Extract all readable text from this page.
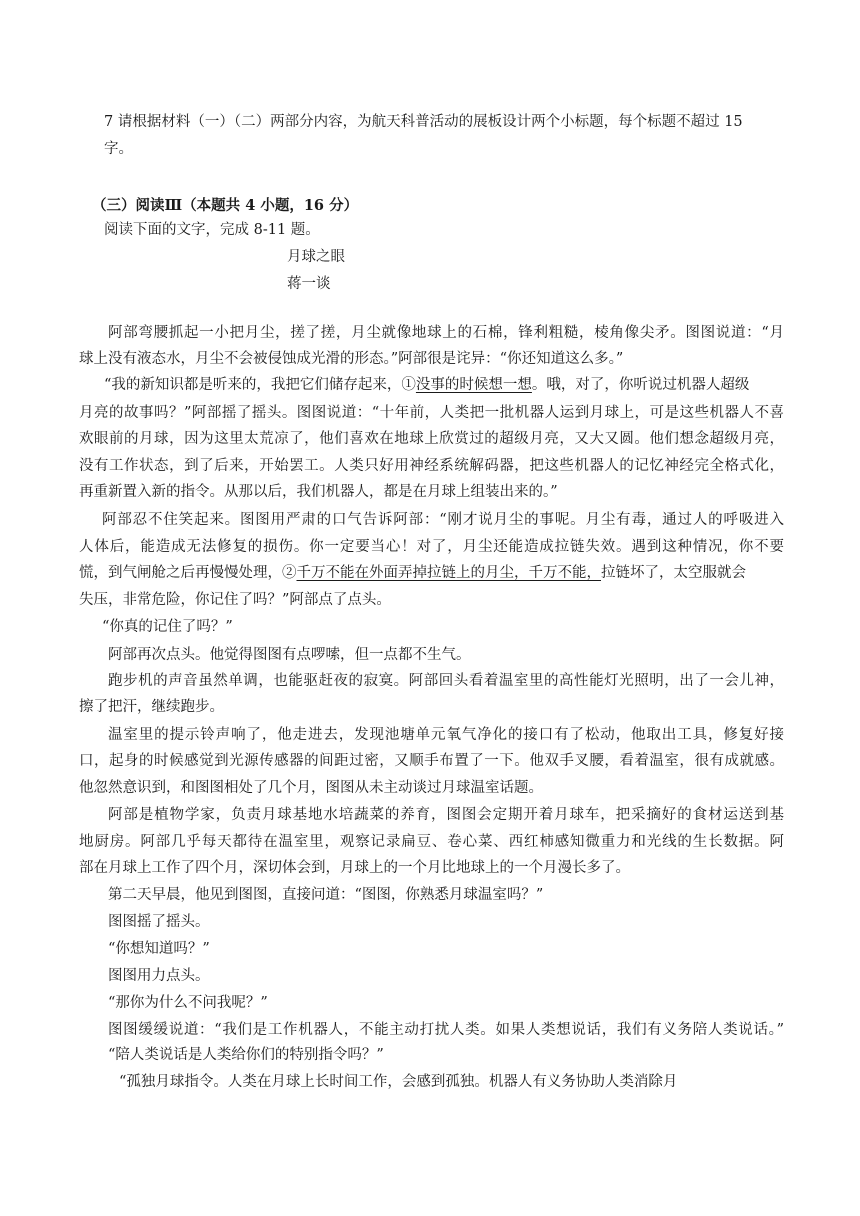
7 请根据材料（一）（二）两部分内容，为航天科普活动的展板设计两个小标题，每个标题不超过 15
字。
（三）阅读Ⅲ（本题共 4 小题，16 分）
阅读下面的文字，完成 8-11 题。
月球之眼
蒋一谈
阿部弯腰抓起一小把月尘，搓了搓，月尘就像地球上的石棉，锋利粗糙，棱角像尖矛。图图说道：“月
球上没有液态水，月尘不会被侵蚀成光滑的形态。”阿部很是诧异：“你还知道这么多。”
“我的新知识都是听来的，我把它们储存起来，①没事的时候想一想。哦，对了，你听说过机器人超级
月亮的故事吗？”阿部摇了摇头。图图说道：“十年前，人类把一批机器人运到月球上，可是这些机器人不喜
欢眼前的月球，因为这里太荒凉了，他们喜欢在地球上欣赏过的超级月亮，又大又圆。他们想念超级月亮，
没有工作状态，到了后来，开始罢工。人类只好用神经系统解码器，把这些机器人的记忆神经完全格式化，
再重新置入新的指令。从那以后，我们机器人，都是在月球上组装出来的。”
阿部忍不住笑起来。图图用严肃的口气告诉阿部：“刚才说月尘的事呢。月尘有毒，通过人的呼吸进入
人体后，能造成无法修复的损伤。你一定要当心！对了，月尘还能造成拉链失效。遇到这种情况，你不要
慌，到气闸舱之后再慢慢处理，②千万不能在外面弄掉拉链上的月尘，千万不能，拉链坏了，太空服就会
失压，非常危险，你记住了吗？”阿部点了点头。
“你真的记住了吗？”
阿部再次点头。他觉得图图有点啰嗦，但一点都不生气。
跑步机的声音虽然单调，也能驱赶夜的寂寞。阿部回头看着温室里的高性能灯光照明，出了一会儿神，
擦了把汗，继续跑步。
温室里的提示铃声响了，他走进去，发现池塘单元氧气净化的接口有了松动，他取出工具，修复好接
口，起身的时候感觉到光源传感器的间距过密，又顺手布置了一下。他双手叉腰，看着温室，很有成就感。
他忽然意识到，和图图相处了几个月，图图从未主动谈过月球温室话题。
阿部是植物学家，负责月球基地水培蔬菜的养育，图图会定期开着月球车，把采摘好的食材运送到基
地厨房。阿部几乎每天都待在温室里，观察记录扁豆、卷心菜、西红柿感知微重力和光线的生长数据。阿
部在月球上工作了四个月，深切体会到，月球上的一个月比地球上的一个月漫长多了。
第二天早晨，他见到图图，直接问道：“图图，你熟悉月球温室吗？”
图图摇了摇头。
“你想知道吗？”
图图用力点头。
“那你为什么不问我呢？”
图图缓缓说道：“我们是工作机器人，不能主动打扰人类。如果人类想说话，我们有义务陪人类说话。”
“陪人类说话是人类给你们的特别指令吗？”
“孤独月球指令。人类在月球上长时间工作，会感到孤独。机器人有义务协助人类消除月
